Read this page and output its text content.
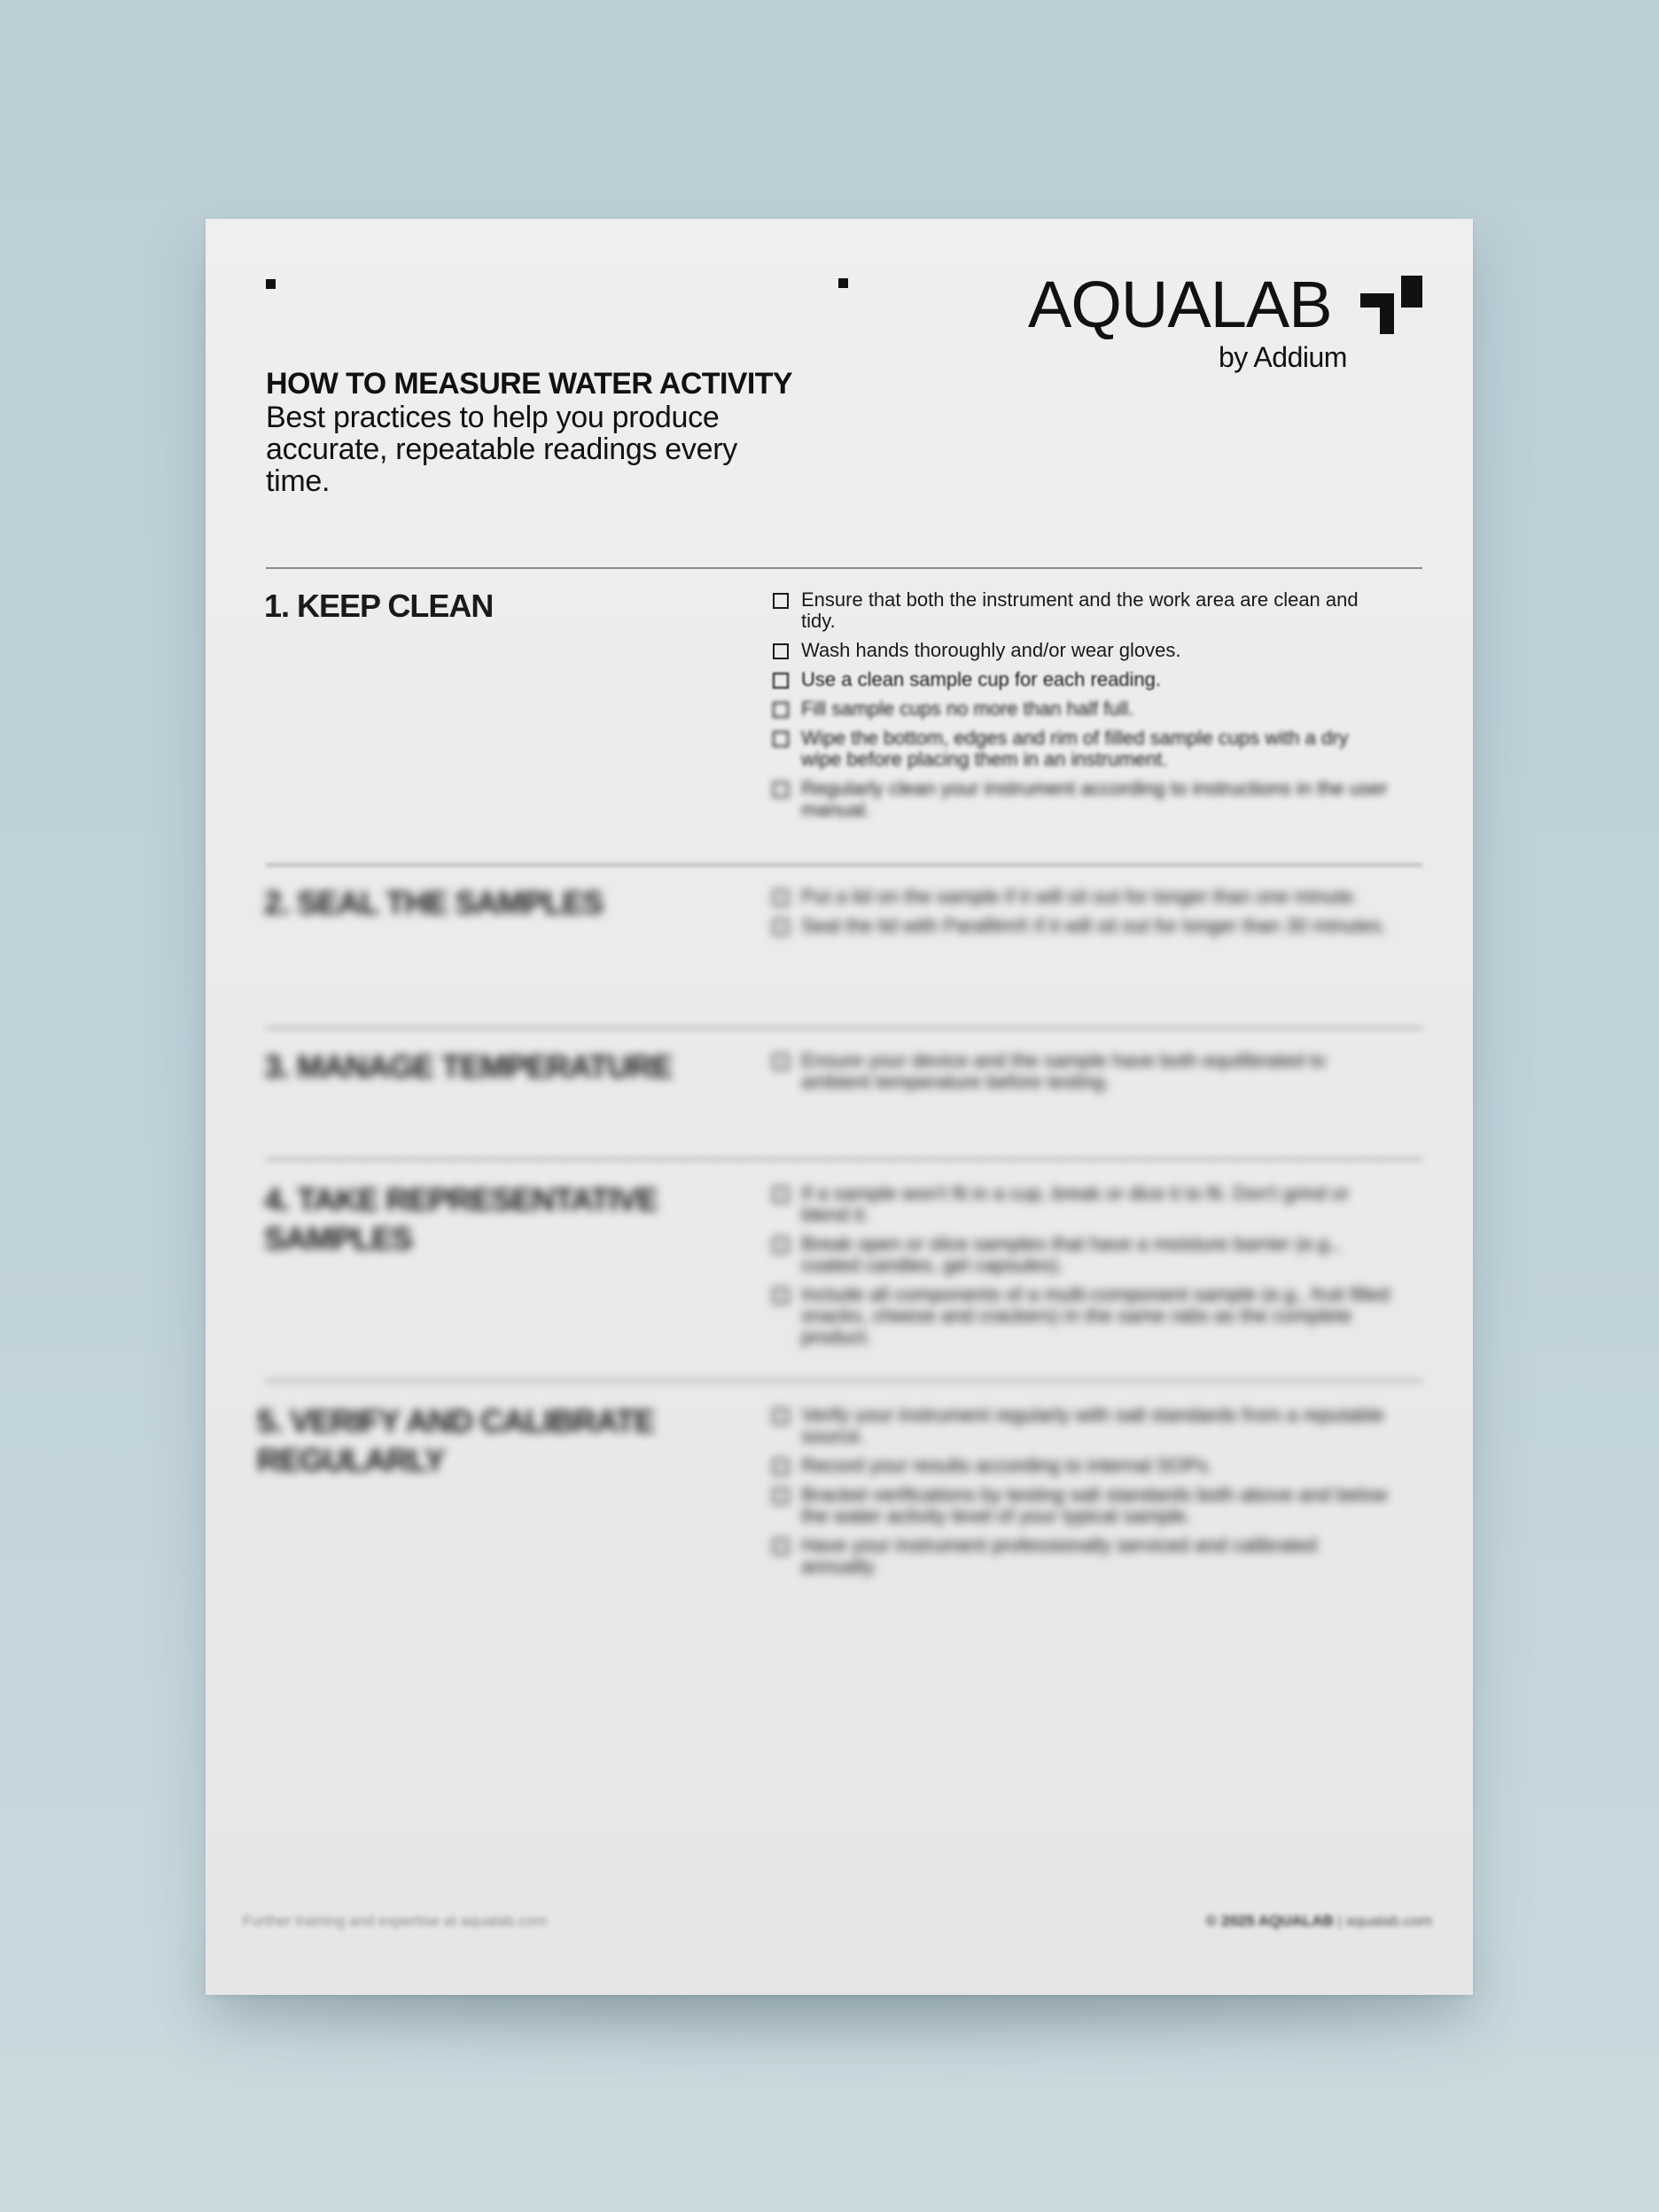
AQUALAB
by Addium
HOW TO MEASURE WATER ACTIVITY

Best practices to help you produce accurate, repeatable readings every time.

1. KEEP CLEAN	Ensure that both the instrument and the work area are clean and tidy.
Wash hands thoroughly and/or wear gloves.
Use a clean sample cup for each reading.
Fill sample cups no more than half full.
Wipe the bottom, edges and rim of filled sample cups with a dry wipe before placing them in an instrument.
Regularly clean your instrument according to instructions in the user manual.
2. SEAL THE SAMPLES	Put a lid on the sample if it will sit out for longer than one minute.
Seal the lid with Parafilm® if it will sit out for longer than 30 minutes.
3. MANAGE TEMPERATURE	Ensure your device and the sample have both equilibrated to ambient temperature before testing.
4. TAKE REPRESENTATIVE SAMPLES
If a sample won't fit in a cup, break or dice it to fit. Don't grind or blend it.
Break open or slice samples that have a moisture barrier (e.g., coated candies, gel capsules).
Include all components of a multi-component sample (e.g., fruit filled snacks, cheese and crackers) in the same ratio as the complete product.
5. VERIFY AND CALIBRATE REGULARLY
Verify your instrument regularly with salt standards from a reputable source.
Record your results according to internal SOPs.
Bracket verifications by testing salt standards both above and below the water activity level of your typical sample.
Have your instrument professionally serviced and calibrated annually.
Further training and expertise at aqualab.com	© 2025 AQUALAB | aqualab.com
